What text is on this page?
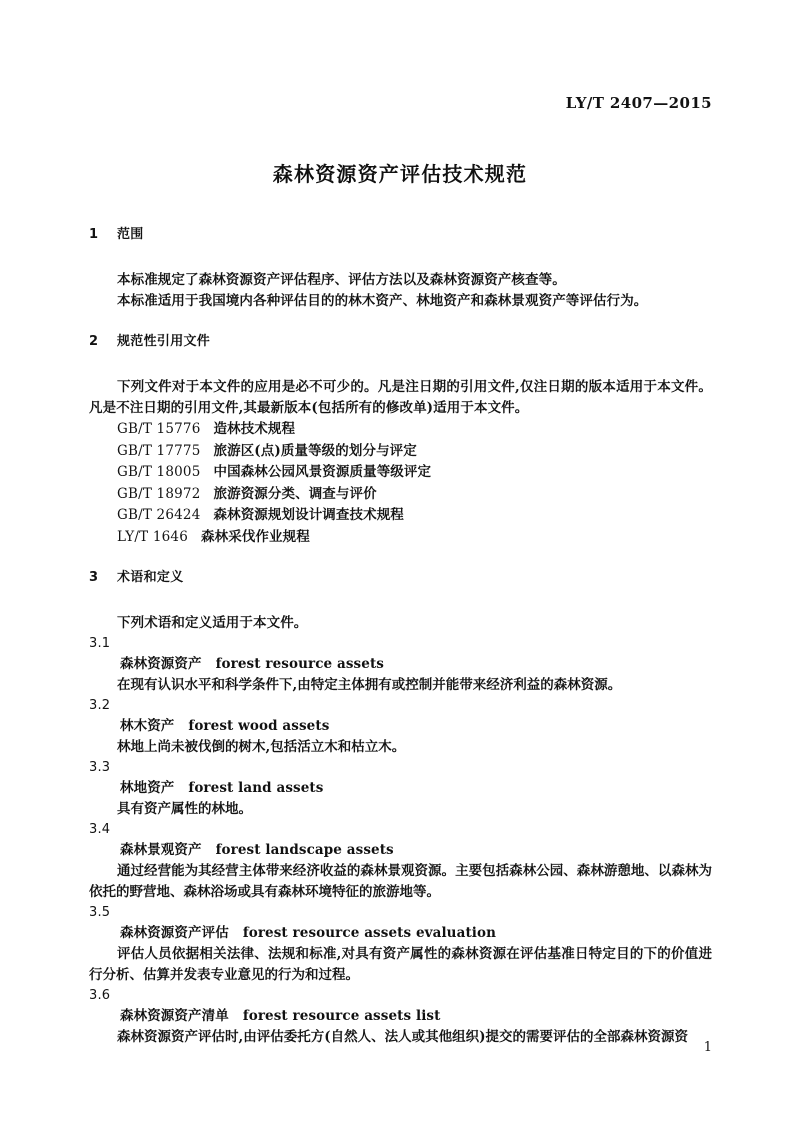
LY/T 2407—2015
森林资源资产评估技术规范
1 范围

本标准规定了森林资源资产评估程序、评估方法以及森林资源资产核查等。

本标准适用于我国境内各种评估目的的林木资产、林地资产和森林景观资产等评估行为。

2 规范性引用文件

下列文件对于本文件的应用是必不可少的。凡是注日期的引用文件,仅注日期的版本适用于本文件。凡是不注日期的引用文件,其最新版本(包括所有的修改单)适用于本文件。

GB/T 15776 造林技术规程
GB/T 17775 旅游区(点)质量等级的划分与评定
GB/T 18005 中国森林公园风景资源质量等级评定
GB/T 18972 旅游资源分类、调查与评价
GB/T 26424 森林资源规划设计调查技术规程
LY/T 1646 森林采伐作业规程
3 术语和定义

下列术语和定义适用于本文件。

3.1
森林资源资产 forest resource assets

在现有认识水平和科学条件下,由特定主体拥有或控制并能带来经济利益的森林资源。

3.2
林木资产 forest wood assets

林地上尚未被伐倒的树木,包括活立木和枯立木。

3.3
林地资产 forest land assets

具有资产属性的林地。

3.4
森林景观资产 forest landscape assets

通过经营能为其经营主体带来经济收益的森林景观资源。主要包括森林公园、森林游憩地、以森林为依托的野营地、森林浴场或具有森林环境特征的旅游地等。

3.5
森林资源资产评估 forest resource assets evaluation

评估人员依据相关法律、法规和标准,对具有资产属性的森林资源在评估基准日特定目的下的价值进行分析、估算并发表专业意见的行为和过程。

3.6
森林资源资产清单 forest resource assets list

森林资源资产评估时,由评估委托方(自然人、法人或其他组织)提交的需要评估的全部森林资源资

1
